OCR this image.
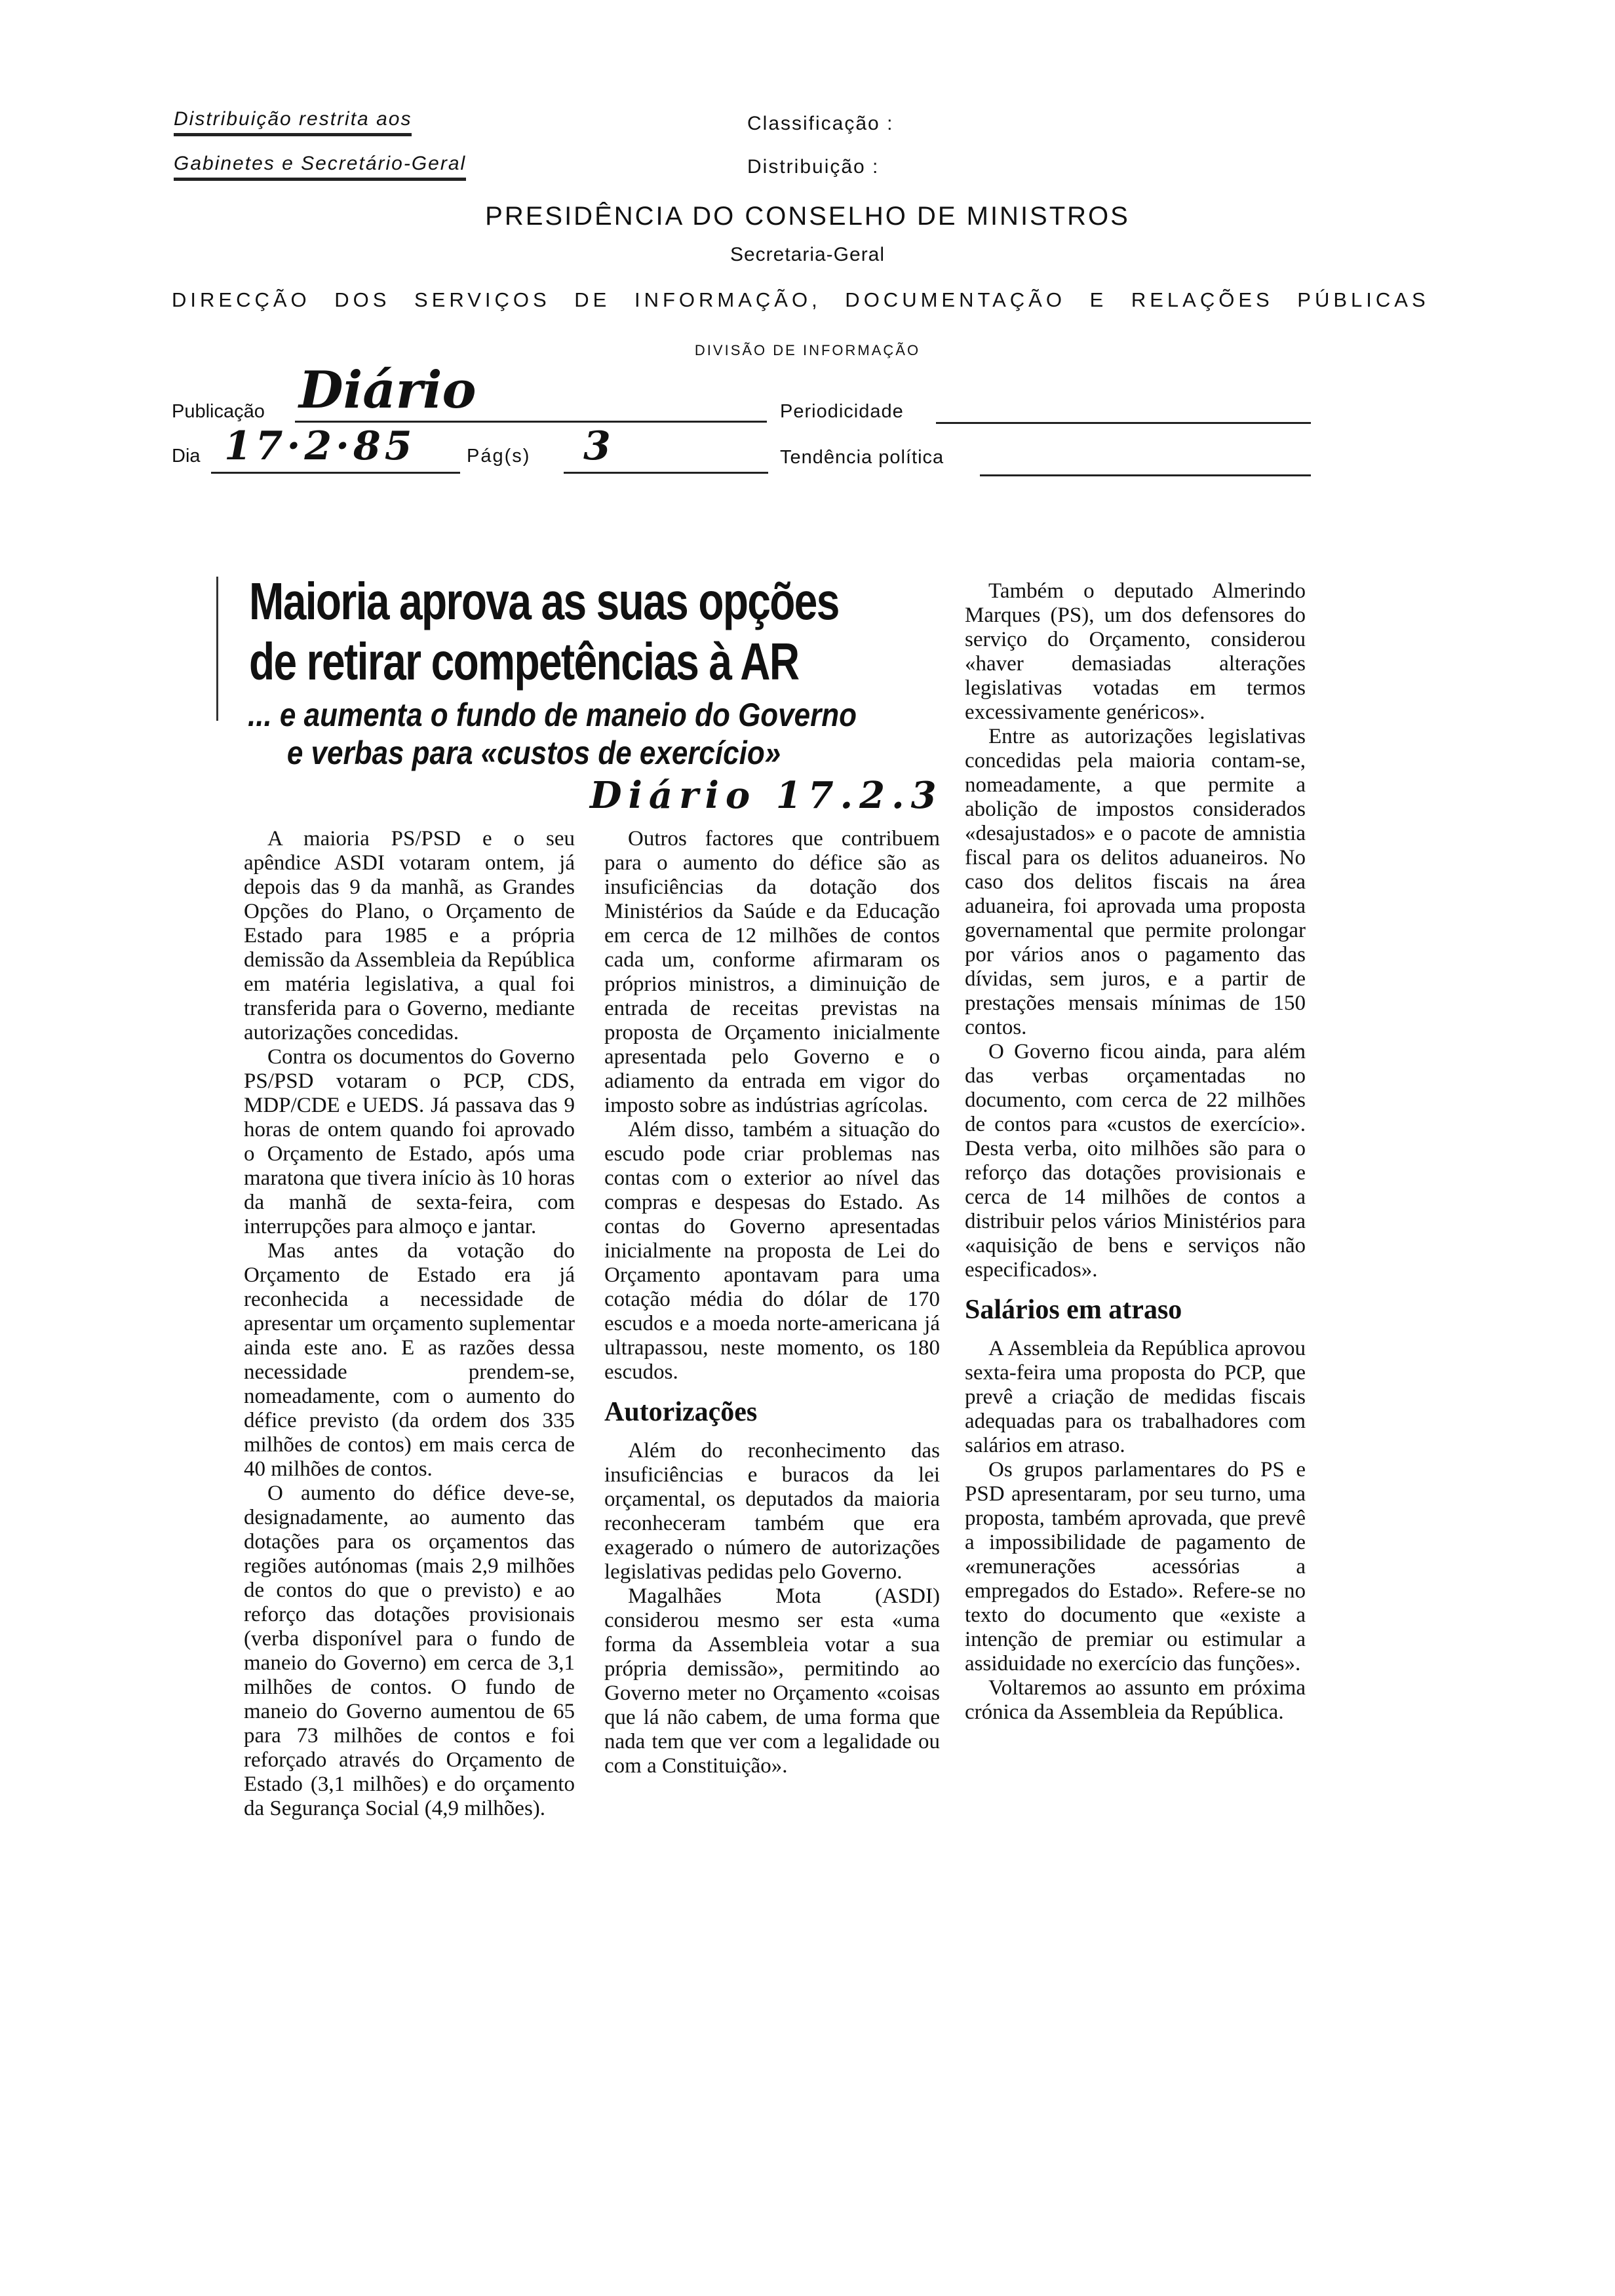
Distribuição restrita aos
Gabinetes e Secretário-Geral
Classificação :
Distribuição :
PRESIDÊNCIA DO CONSELHO DE MINISTROS
Secretaria-Geral
DIRECÇÃO DOS SERVIÇOS DE INFORMAÇÃO, DOCUMENTAÇÃO E RELAÇÕES PÚBLICAS
DIVISÃO DE INFORMAÇÃO
Publicação Diário	Periodicidade
Dia 17·2·85	Pág(s) 3	Tendência política
Maioria aprova as suas opções
de retirar competências à AR
... e aumenta o fundo de maneio do Governo
e verbas para «custos de exercício»
Diário 17.2.3

A maioria PS/PSD e o seu apêndice ASDI votaram ontem, já depois das 9 da manhã, as Grandes Opções do Plano, o Orçamento de Estado para 1985 e a própria demissão da Assembleia da República em matéria legislativa, a qual foi transferida para o Governo, mediante autorizações concedidas.

Contra os documentos do Governo PS/PSD votaram o PCP, CDS, MDP/CDE e UEDS. Já passava das 9 horas de ontem quando foi aprovado o Orçamento de Estado, após uma maratona que tivera início às 10 horas da manhã de sexta-feira, com interrupções para almoço e jantar.

Mas antes da votação do Orçamento de Estado era já reconhecida a necessidade de apresentar um orçamento suplementar ainda este ano. E as razões dessa necessidade prendem-se, nomeadamente, com o aumento do défice previsto (da ordem dos 335 milhões de contos) em mais cerca de 40 milhões de contos.

O aumento do défice deve-se, designadamente, ao aumento das dotações para os orçamentos das regiões autónomas (mais 2,9 milhões de contos do que o previsto) e ao reforço das dotações provisionais (verba disponível para o fundo de maneio do Governo) em cerca de 3,1 milhões de contos. O fundo de maneio do Governo aumentou de 65 para 73 milhões de contos e foi reforçado através do Orçamento de Estado (3,1 milhões) e do orçamento da Segurança Social (4,9 milhões).

Outros factores que contribuem para o aumento do défice são as insuficiências da dotação dos Ministérios da Saúde e da Educação em cerca de 12 milhões de contos cada um, conforme afirmaram os próprios ministros, a diminuição de entrada de receitas previstas na proposta de Orçamento inicialmente apresentada pelo Governo e o adiamento da entrada em vigor do imposto sobre as indústrias agrícolas.

Além disso, também a situação do escudo pode criar problemas nas contas com o exterior ao nível das compras e despesas do Estado. As contas do Governo apresentadas inicialmente na proposta de Lei do Orçamento apontavam para uma cotação média do dólar de 170 escudos e a moeda norte-americana já ultrapassou, neste momento, os 180 escudos.

Autorizações

Além do reconhecimento das insuficiências e buracos da lei orçamental, os deputados da maioria reconheceram também que era exagerado o número de autorizações legislativas pedidas pelo Governo.

Magalhães Mota (ASDI) considerou mesmo ser esta «uma forma da Assembleia votar a sua própria demissão», permitindo ao Governo meter no Orçamento «coisas que lá não cabem, de uma forma que nada tem que ver com a legalidade ou com a Constituição».

Também o deputado Almerindo Marques (PS), um dos defensores do serviço do Orçamento, considerou «haver demasiadas alterações legislativas votadas em termos excessivamente genéricos».

Entre as autorizações legislativas concedidas pela maioria contam-se, nomeadamente, a que permite a abolição de impostos considerados «desajustados» e o pacote de amnistia fiscal para os delitos aduaneiros. No caso dos delitos fiscais na área aduaneira, foi aprovada uma proposta governamental que permite prolongar por vários anos o pagamento das dívidas, sem juros, e a partir de prestações mensais mínimas de 150 contos.

O Governo ficou ainda, para além das verbas orçamentadas no documento, com cerca de 22 milhões de contos para «custos de exercício». Desta verba, oito milhões são para o reforço das dotações provisionais e cerca de 14 milhões de contos a distribuir pelos vários Ministérios para «aquisição de bens e serviços não especificados».

Salários em atraso

A Assembleia da República aprovou sexta-feira uma proposta do PCP, que prevê a criação de medidas fiscais adequadas para os trabalhadores com salários em atraso.

Os grupos parlamentares do PS e PSD apresentaram, por seu turno, uma proposta, também aprovada, que prevê a impossibilidade de pagamento de «remunerações acessórias a empregados do Estado». Refere-se no texto do documento que «existe a intenção de premiar ou estimular a assiduidade no exercício das funções».

Voltaremos ao assunto em próxima crónica da Assembleia da República.
